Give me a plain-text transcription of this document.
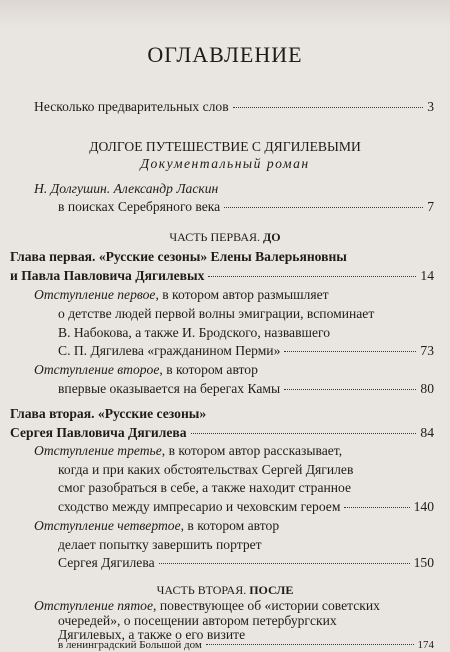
ОГЛАВЛЕНИЕ
Несколько предварительных слов	3
ДОЛГОЕ ПУТЕШЕСТВИЕ С ДЯГИЛЕВЫМИ
Документальный роман
Н. Долгушин. Александр Ласкин
в поисках Серебряного века	7
ЧАСТЬ ПЕРВАЯ. ДО
Глава первая. «Русские сезоны» Елены Валерьяновны
и Павла Павловича Дягилевых	14
Отступление первое, в котором автор размышляет
о детстве людей первой волны эмиграции, вспоминает
В. Набокова, а также И. Бродского, назвавшего
С. П. Дягилева «гражданином Перми»	73
Отступление второе, в котором автор
впервые оказывается на берегах Камы	80
Глава вторая. «Русские сезоны»
Сергея Павловича Дягилева	84
Отступление третье, в котором автор рассказывает,
когда и при каких обстоятельствах Сергей Дягилев
смог разобраться в себе, а также находит странное
сходство между импресарио и чеховским героем	140
Отступление четвертое, в котором автор
делает попытку завершить портрет
Сергея Дягилева	150
ЧАСТЬ ВТОРАЯ. ПОСЛЕ
Отступление пятое, повествующее об «истории советских
очередей», о посещении автором петербургских
Дягилевых, а также о его визите
в ленинградский Большой дом	174
